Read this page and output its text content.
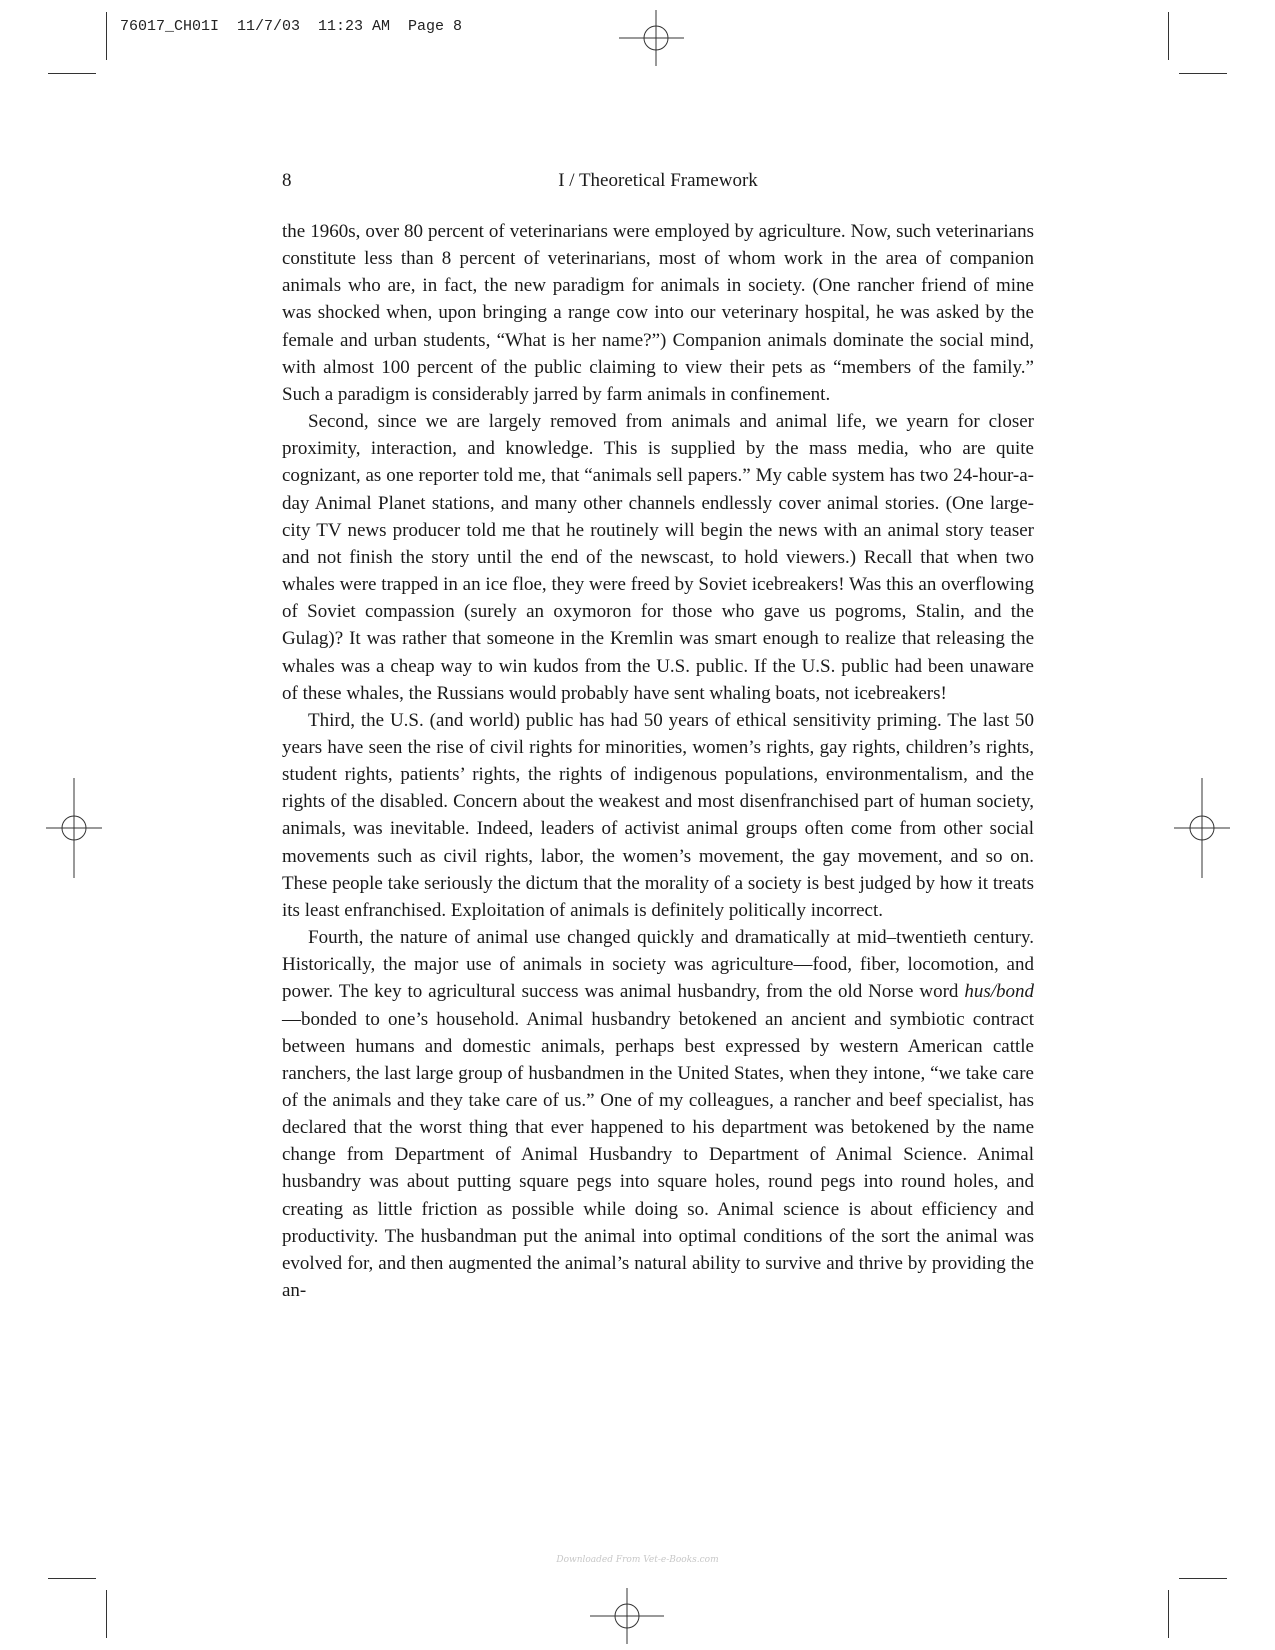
76017_CH01I  11/7/03  11:23 AM  Page 8
8	I / Theoretical Framework

the 1960s, over 80 percent of veterinarians were employed by agriculture. Now, such veterinarians constitute less than 8 percent of veterinarians, most of whom work in the area of companion animals who are, in fact, the new paradigm for animals in society. (One rancher friend of mine was shocked when, upon bringing a range cow into our veterinary hospital, he was asked by the female and urban students, “What is her name?”) Companion animals dominate the social mind, with almost 100 percent of the public claiming to view their pets as “members of the family.” Such a paradigm is considerably jarred by farm animals in confinement.

Second, since we are largely removed from animals and animal life, we yearn for closer proximity, interaction, and knowledge. This is supplied by the mass media, who are quite cognizant, as one reporter told me, that “animals sell papers.” My cable system has two 24-hour-a-day Animal Planet stations, and many other channels endlessly cover animal stories. (One large-city TV news producer told me that he routinely will begin the news with an animal story teaser and not finish the story until the end of the newscast, to hold viewers.) Recall that when two whales were trapped in an ice floe, they were freed by Soviet icebreakers! Was this an overflowing of Soviet compassion (surely an oxymoron for those who gave us pogroms, Stalin, and the Gulag)? It was rather that someone in the Kremlin was smart enough to realize that releasing the whales was a cheap way to win kudos from the U.S. public. If the U.S. public had been unaware of these whales, the Russians would probably have sent whaling boats, not icebreakers!

Third, the U.S. (and world) public has had 50 years of ethical sensitivity priming. The last 50 years have seen the rise of civil rights for minorities, women’s rights, gay rights, children’s rights, student rights, patients’ rights, the rights of indigenous populations, environmentalism, and the rights of the disabled. Concern about the weakest and most disenfranchised part of human society, animals, was inevitable. Indeed, leaders of activist animal groups often come from other social movements such as civil rights, labor, the women’s movement, the gay movement, and so on. These people take seriously the dictum that the morality of a society is best judged by how it treats its least enfranchised. Exploitation of animals is definitely politically incorrect.

Fourth, the nature of animal use changed quickly and dramatically at mid–twentieth century. Historically, the major use of animals in society was agriculture—food, fiber, locomotion, and power. The key to agricultural success was animal husbandry, from the old Norse word hus/bond—bonded to one’s household. Animal husbandry betokened an ancient and symbiotic contract between humans and domestic animals, perhaps best expressed by western American cattle ranchers, the last large group of husbandmen in the United States, when they intone, “we take care of the animals and they take care of us.” One of my colleagues, a rancher and beef specialist, has declared that the worst thing that ever happened to his department was betokened by the name change from Department of Animal Husbandry to Department of Animal Science. Animal husbandry was about putting square pegs into square holes, round pegs into round holes, and creating as little friction as possible while doing so. Animal science is about efficiency and productivity. The husbandman put the animal into optimal conditions of the sort the animal was evolved for, and then augmented the animal’s natural ability to survive and thrive by providing the an-

Downloaded From Vet-e-Books.com
